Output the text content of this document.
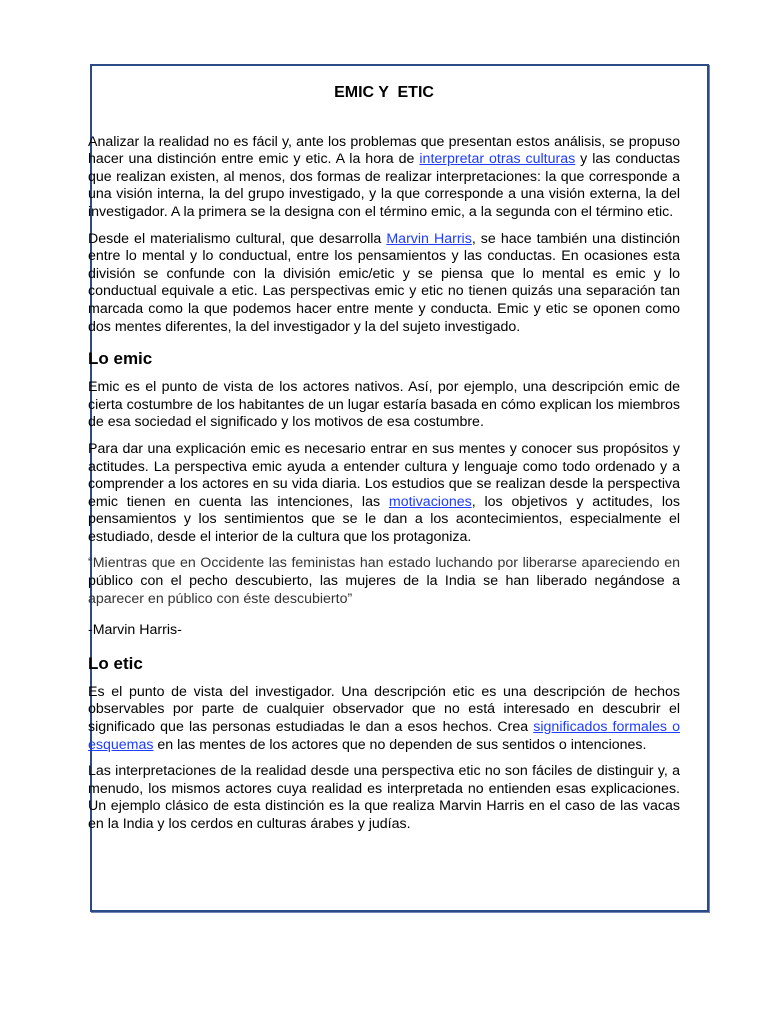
EMIC Y  ETIC

Analizar la realidad no es fácil y, ante los problemas que presentan estos análisis, se propuso hacer una distinción entre emic y etic. A la hora de interpretar otras culturas y las conductas que realizan existen, al menos, dos formas de realizar interpretaciones: la que corresponde a una visión interna, la del grupo investigado, y la que corresponde a una visión externa, la del investigador. A la primera se la designa con el término emic, a la segunda con el término etic.

Desde el materialismo cultural, que desarrolla Marvin Harris, se hace también una distinción entre lo mental y lo conductual, entre los pensamientos y las conductas. En ocasiones esta división se confunde con la división emic/etic y se piensa que lo mental es emic y lo conductual equivale a etic. Las perspectivas emic y etic no tienen quizás una separación tan marcada como la que podemos hacer entre mente y conducta. Emic y etic se oponen como dos mentes diferentes, la del investigador y la del sujeto investigado.

Lo emic

Emic es el punto de vista de los actores nativos. Así, por ejemplo, una descripción emic de cierta costumbre de los habitantes de un lugar estaría basada en cómo explican los miembros de esa sociedad el significado y los motivos de esa costumbre.

Para dar una explicación emic es necesario entrar en sus mentes y conocer sus propósitos y actitudes. La perspectiva emic ayuda a entender cultura y lenguaje como todo ordenado y a comprender a los actores en su vida diaria. Los estudios que se realizan desde la perspectiva emic tienen en cuenta las intenciones, las motivaciones, los objetivos y actitudes, los pensamientos y los sentimientos que se le dan a los acontecimientos, especialmente el estudiado, desde el interior de la cultura que los protagoniza.

“Mientras que en Occidente las feministas han estado luchando por liberarse apareciendo en público con el pecho descubierto, las mujeres de la India se han liberado negándose a aparecer en público con éste descubierto”

-Marvin Harris-
Lo etic

Es el punto de vista del investigador. Una descripción etic es una descripción de hechos observables por parte de cualquier observador que no está interesado en descubrir el significado que las personas estudiadas le dan a esos hechos. Crea significados formales o esquemas en las mentes de los actores que no dependen de sus sentidos o intenciones.

Las interpretaciones de la realidad desde una perspectiva etic no son fáciles de distinguir y, a menudo, los mismos actores cuya realidad es interpretada no entienden esas explicaciones. Un ejemplo clásico de esta distinción es la que realiza Marvin Harris en el caso de las vacas en la India y los cerdos en culturas árabes y judías.
